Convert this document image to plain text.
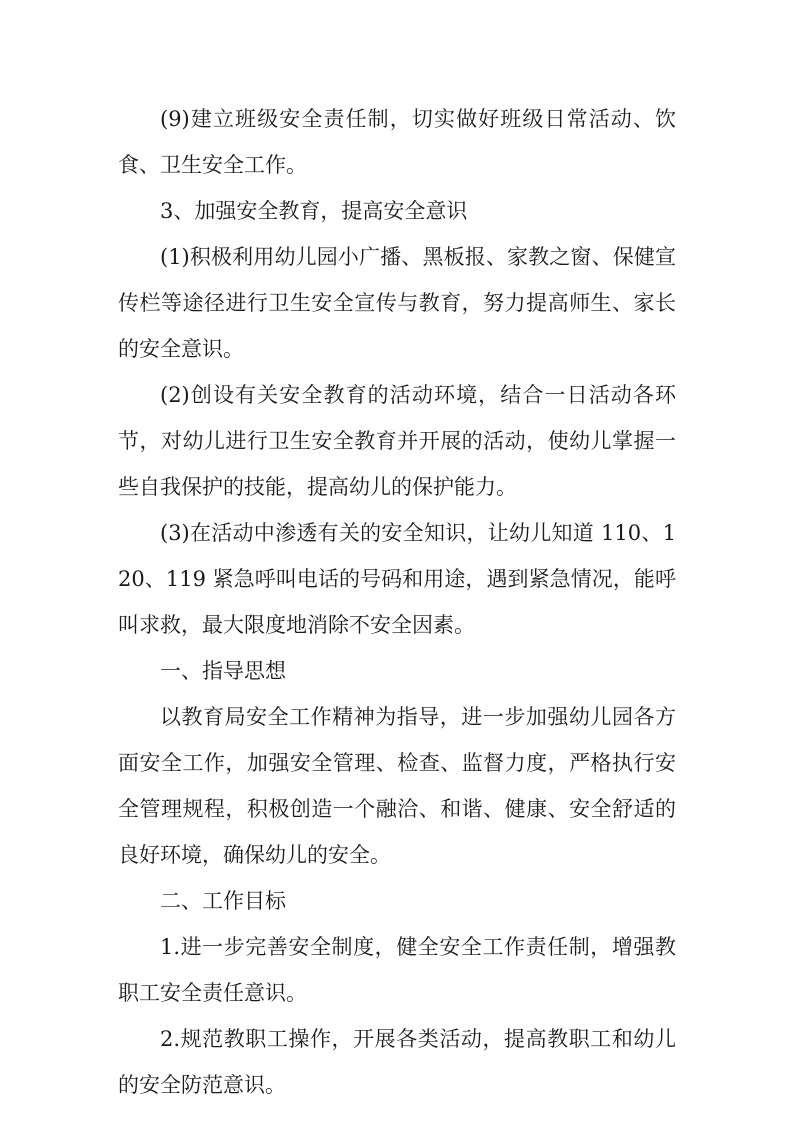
(9)建立班级安全责任制，切实做好班级日常活动、饮食、卫生安全工作。

3、加强安全教育，提高安全意识

(1)积极利用幼儿园小广播、黑板报、家教之窗、保健宣传栏等途径进行卫生安全宣传与教育，努力提高师生、家长的安全意识。

(2)创设有关安全教育的活动环境，结合一日活动各环节，对幼儿进行卫生安全教育并开展的活动，使幼儿掌握一些自我保护的技能，提高幼儿的保护能力。

(3)在活动中渗透有关的安全知识，让幼儿知道 110、120、119 紧急呼叫电话的号码和用途，遇到紧急情况，能呼叫求救，最大限度地消除不安全因素。

一、指导思想

以教育局安全工作精神为指导，进一步加强幼儿园各方面安全工作，加强安全管理、检查、监督力度，严格执行安全管理规程，积极创造一个融洽、和谐、健康、安全舒适的良好环境，确保幼儿的安全。

二、工作目标

1.进一步完善安全制度，健全安全工作责任制，增强教职工安全责任意识。

2.规范教职工操作，开展各类活动，提高教职工和幼儿的安全防范意识。
